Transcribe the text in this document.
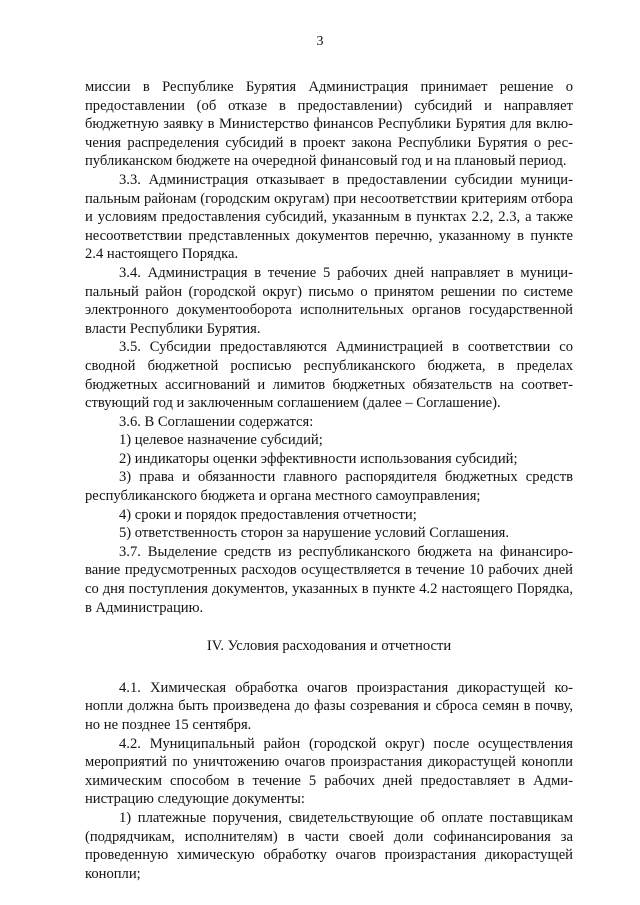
3

миссии в Республике Бурятия Администрация принимает решение о предоставлении (об отказе в предоставлении) субсидий и направляет бюджетную заявку в Министерство финансов Республики Бурятия для включения распределения субсидий в проект закона Республики Бурятия о республиканском бюджете на очередной финансовый год и на плановый период.

3.3. Администрация отказывает в предоставлении субсидии муниципальным районам (городским округам) при несоответствии критериям отбора и условиям предоставления субсидий, указанным в пунктах 2.2, 2.3, а также несоответствии представленных документов перечню, указанному в пункте 2.4 настоящего Порядка.

3.4. Администрация в течение 5 рабочих дней направляет в муниципальный район (городской округ) письмо о принятом решении по системе электронного документооборота исполнительных органов государственной власти Республики Бурятия.

3.5. Субсидии предоставляются Администрацией в соответствии со сводной бюджетной росписью республиканского бюджета, в пределах бюджетных ассигнований и лимитов бюджетных обязательств на соответствующий год и заключенным соглашением (далее – Соглашение).

3.6. В Соглашении содержатся:

1) целевое назначение субсидий;

2) индикаторы оценки эффективности использования субсидий;

3) права и обязанности главного распорядителя бюджетных средств республиканского бюджета и органа местного самоуправления;

4) сроки и порядок предоставления отчетности;

5) ответственность сторон за нарушение условий Соглашения.

3.7. Выделение средств из республиканского бюджета на финансирование предусмотренных расходов осуществляется в течение 10 рабочих дней со дня поступления документов, указанных в пункте 4.2 настоящего Порядка, в Администрацию.

IV. Условия расходования и отчетности

4.1. Химическая обработка очагов произрастания дикорастущей конопли должна быть произведена до фазы созревания и сброса семян в почву, но не позднее 15 сентября.

4.2. Муниципальный район (городской округ) после осуществления мероприятий по уничтожению очагов произрастания дикорастущей конопли химическим способом в течение 5 рабочих дней предоставляет в Администрацию следующие документы:

1) платежные поручения, свидетельствующие об оплате поставщикам (подрядчикам, исполнителям) в части своей доли софинансирования за проведенную химическую обработку очагов произрастания дикорастущей конопли;
